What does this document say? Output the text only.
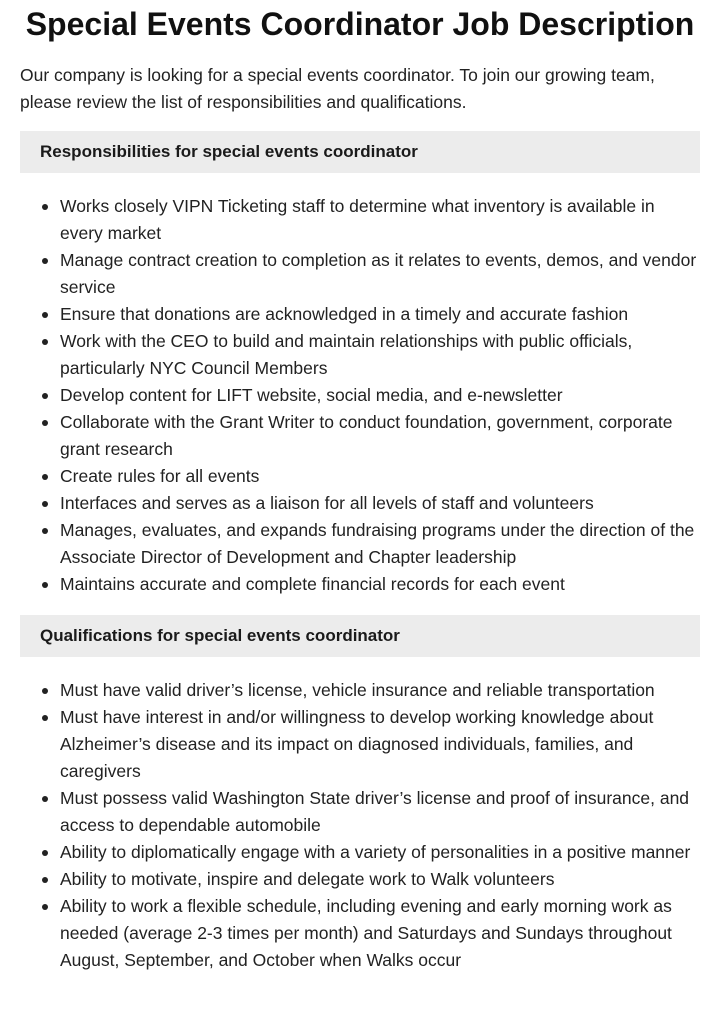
Special Events Coordinator Job Description

Our company is looking for a special events coordinator. To join our growing team, please review the list of responsibilities and qualifications.

Responsibilities for special events coordinator
Works closely VIPN Ticketing staff to determine what inventory is available in every market
Manage contract creation to completion as it relates to events, demos, and vendor service
Ensure that donations are acknowledged in a timely and accurate fashion
Work with the CEO to build and maintain relationships with public officials, particularly NYC Council Members
Develop content for LIFT website, social media, and e-newsletter
Collaborate with the Grant Writer to conduct foundation, government, corporate grant research
Create rules for all events
Interfaces and serves as a liaison for all levels of staff and volunteers
Manages, evaluates, and expands fundraising programs under the direction of the Associate Director of Development and Chapter leadership
Maintains accurate and complete financial records for each event
Qualifications for special events coordinator
Must have valid driver’s license, vehicle insurance and reliable transportation
Must have interest in and/or willingness to develop working knowledge about Alzheimer’s disease and its impact on diagnosed individuals, families, and caregivers
Must possess valid Washington State driver’s license and proof of insurance, and access to dependable automobile
Ability to diplomatically engage with a variety of personalities in a positive manner
Ability to motivate, inspire and delegate work to Walk volunteers
Ability to work a flexible schedule, including evening and early morning work as needed (average 2-3 times per month) and Saturdays and Sundays throughout August, September, and October when Walks occur
